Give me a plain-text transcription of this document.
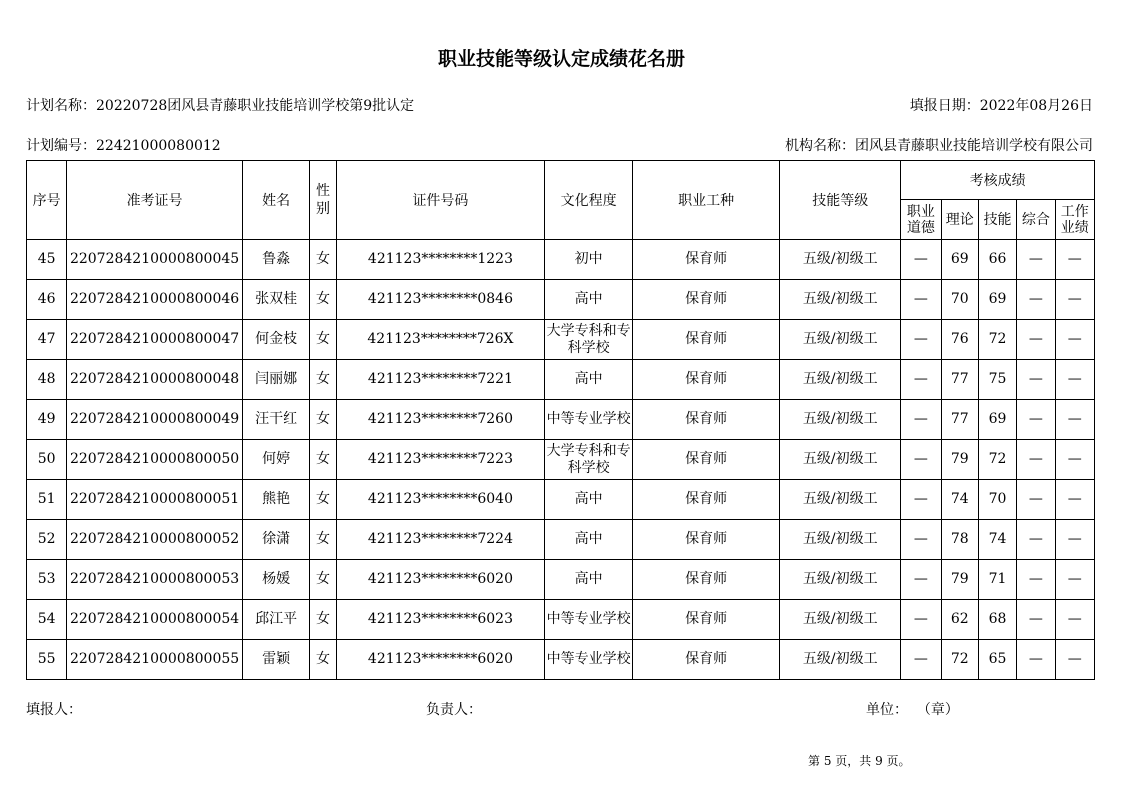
职业技能等级认定成绩花名册
计划名称：20220728团风县青藤职业技能培训学校第9批认定	填报日期：2022年08月26日
计划编号：22421000080012	机构名称：团风县青藤职业技能培训学校有限公司
序号	准考证号	姓名	性别	证件号码	文化程度	职业工种	技能等级	考核成绩				
								职业道德	理论	技能	综合	工作业绩
45	2207284210000800045	鲁淼	女	421123********1223	初中	保育师	五级/初级工	—	69	66	—	—
46	2207284210000800046	张双桂	女	421123********0846	高中	保育师	五级/初级工	—	70	69	—	—
47	2207284210000800047	何金枝	女	421123********726X	大学专科和专科学校	保育师	五级/初级工	—	76	72	—	—
48	2207284210000800048	闫丽娜	女	421123********7221	高中	保育师	五级/初级工	—	77	75	—	—
49	2207284210000800049	汪干红	女	421123********7260	中等专业学校	保育师	五级/初级工	—	77	69	—	—
50	2207284210000800050	何婷	女	421123********7223	大学专科和专科学校	保育师	五级/初级工	—	79	72	—	—
51	2207284210000800051	熊艳	女	421123********6040	高中	保育师	五级/初级工	—	74	70	—	—
52	2207284210000800052	徐潇	女	421123********7224	高中	保育师	五级/初级工	—	78	74	—	—
53	2207284210000800053	杨媛	女	421123********6020	高中	保育师	五级/初级工	—	79	71	—	—
54	2207284210000800054	邱江平	女	421123********6023	中等专业学校	保育师	五级/初级工	—	62	68	—	—
55	2207284210000800055	雷颖	女	421123********6020	中等专业学校	保育师	五级/初级工	—	72	65	—	—
填报人：	负责人：	单位：  （章）
第 5 页，共 9 页。
